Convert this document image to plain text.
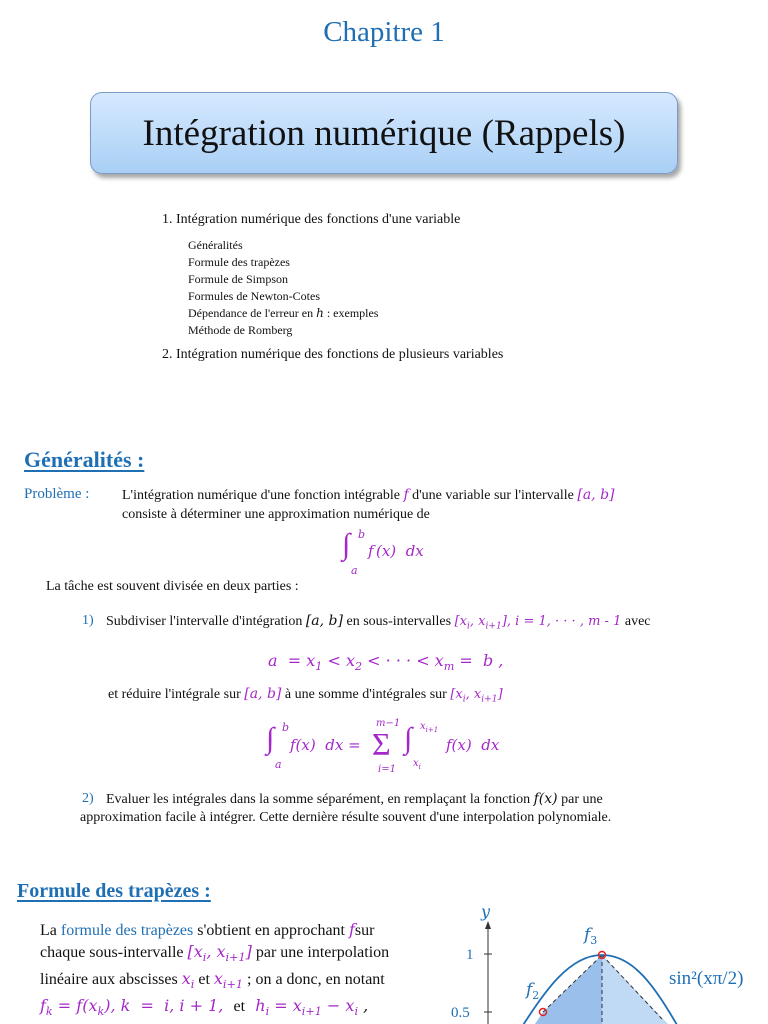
Chapitre 1
Intégration numérique (Rappels)
1. Intégration numérique des fonctions d'une variable
Généralités
Formule des trapèzes
Formule de Simpson
Formules de Newton-Cotes
Dépendance de l'erreur en h : exemples
Méthode de Romberg
2. Intégration numérique des fonctions de plusieurs variables
Généralités :
Problème : L'intégration numérique d'une fonction intégrable f d'une variable sur l'intervalle [a, b]
consiste à déterminer une approximation numérique de
∫ b
a
f (x)  dx
La tâche est souvent divisée en deux parties :
1) Subdiviser l'intervalle d'intégration [a, b] en sous-intervalles [$x_i$, $x_{i+1}$], i = 1, · · · , m - 1 avec
$a = x_1 < x_2$ < · · · < $x_m = b$ ,
et réduire l'intégrale sur [a, b] à une somme d'intégrales sur [$x_i$, $x_{i+1}$]
∫ b
a
f(x)  dx =
m−1
Σ
i=1
∫ $x_{i+1}$
$x_i$
f(x)  dx
2) Evaluer les intégrales dans la somme séparément, en remplaçant la fonction f(x) par une
approximation facile à intégrer. Cette dernière résulte souvent d'une interpolation polynomiale.
Formule des trapèzes :
La formule des trapèzes s'obtient en approchant fsur
chaque sous-intervalle [$x_i$, $x_{i+1}$] par une interpolation
linéaire aux abscisses $x_i$ et $x_{i+1}$ ; on a donc, en notant
$f_k = f(x_k)$, k  =  i, i + 1,  et  $h_i = x_{i+1} - x_i$ ,
y
1
0.5
$f_3$
$f_2$
sin²(xπ/2)
